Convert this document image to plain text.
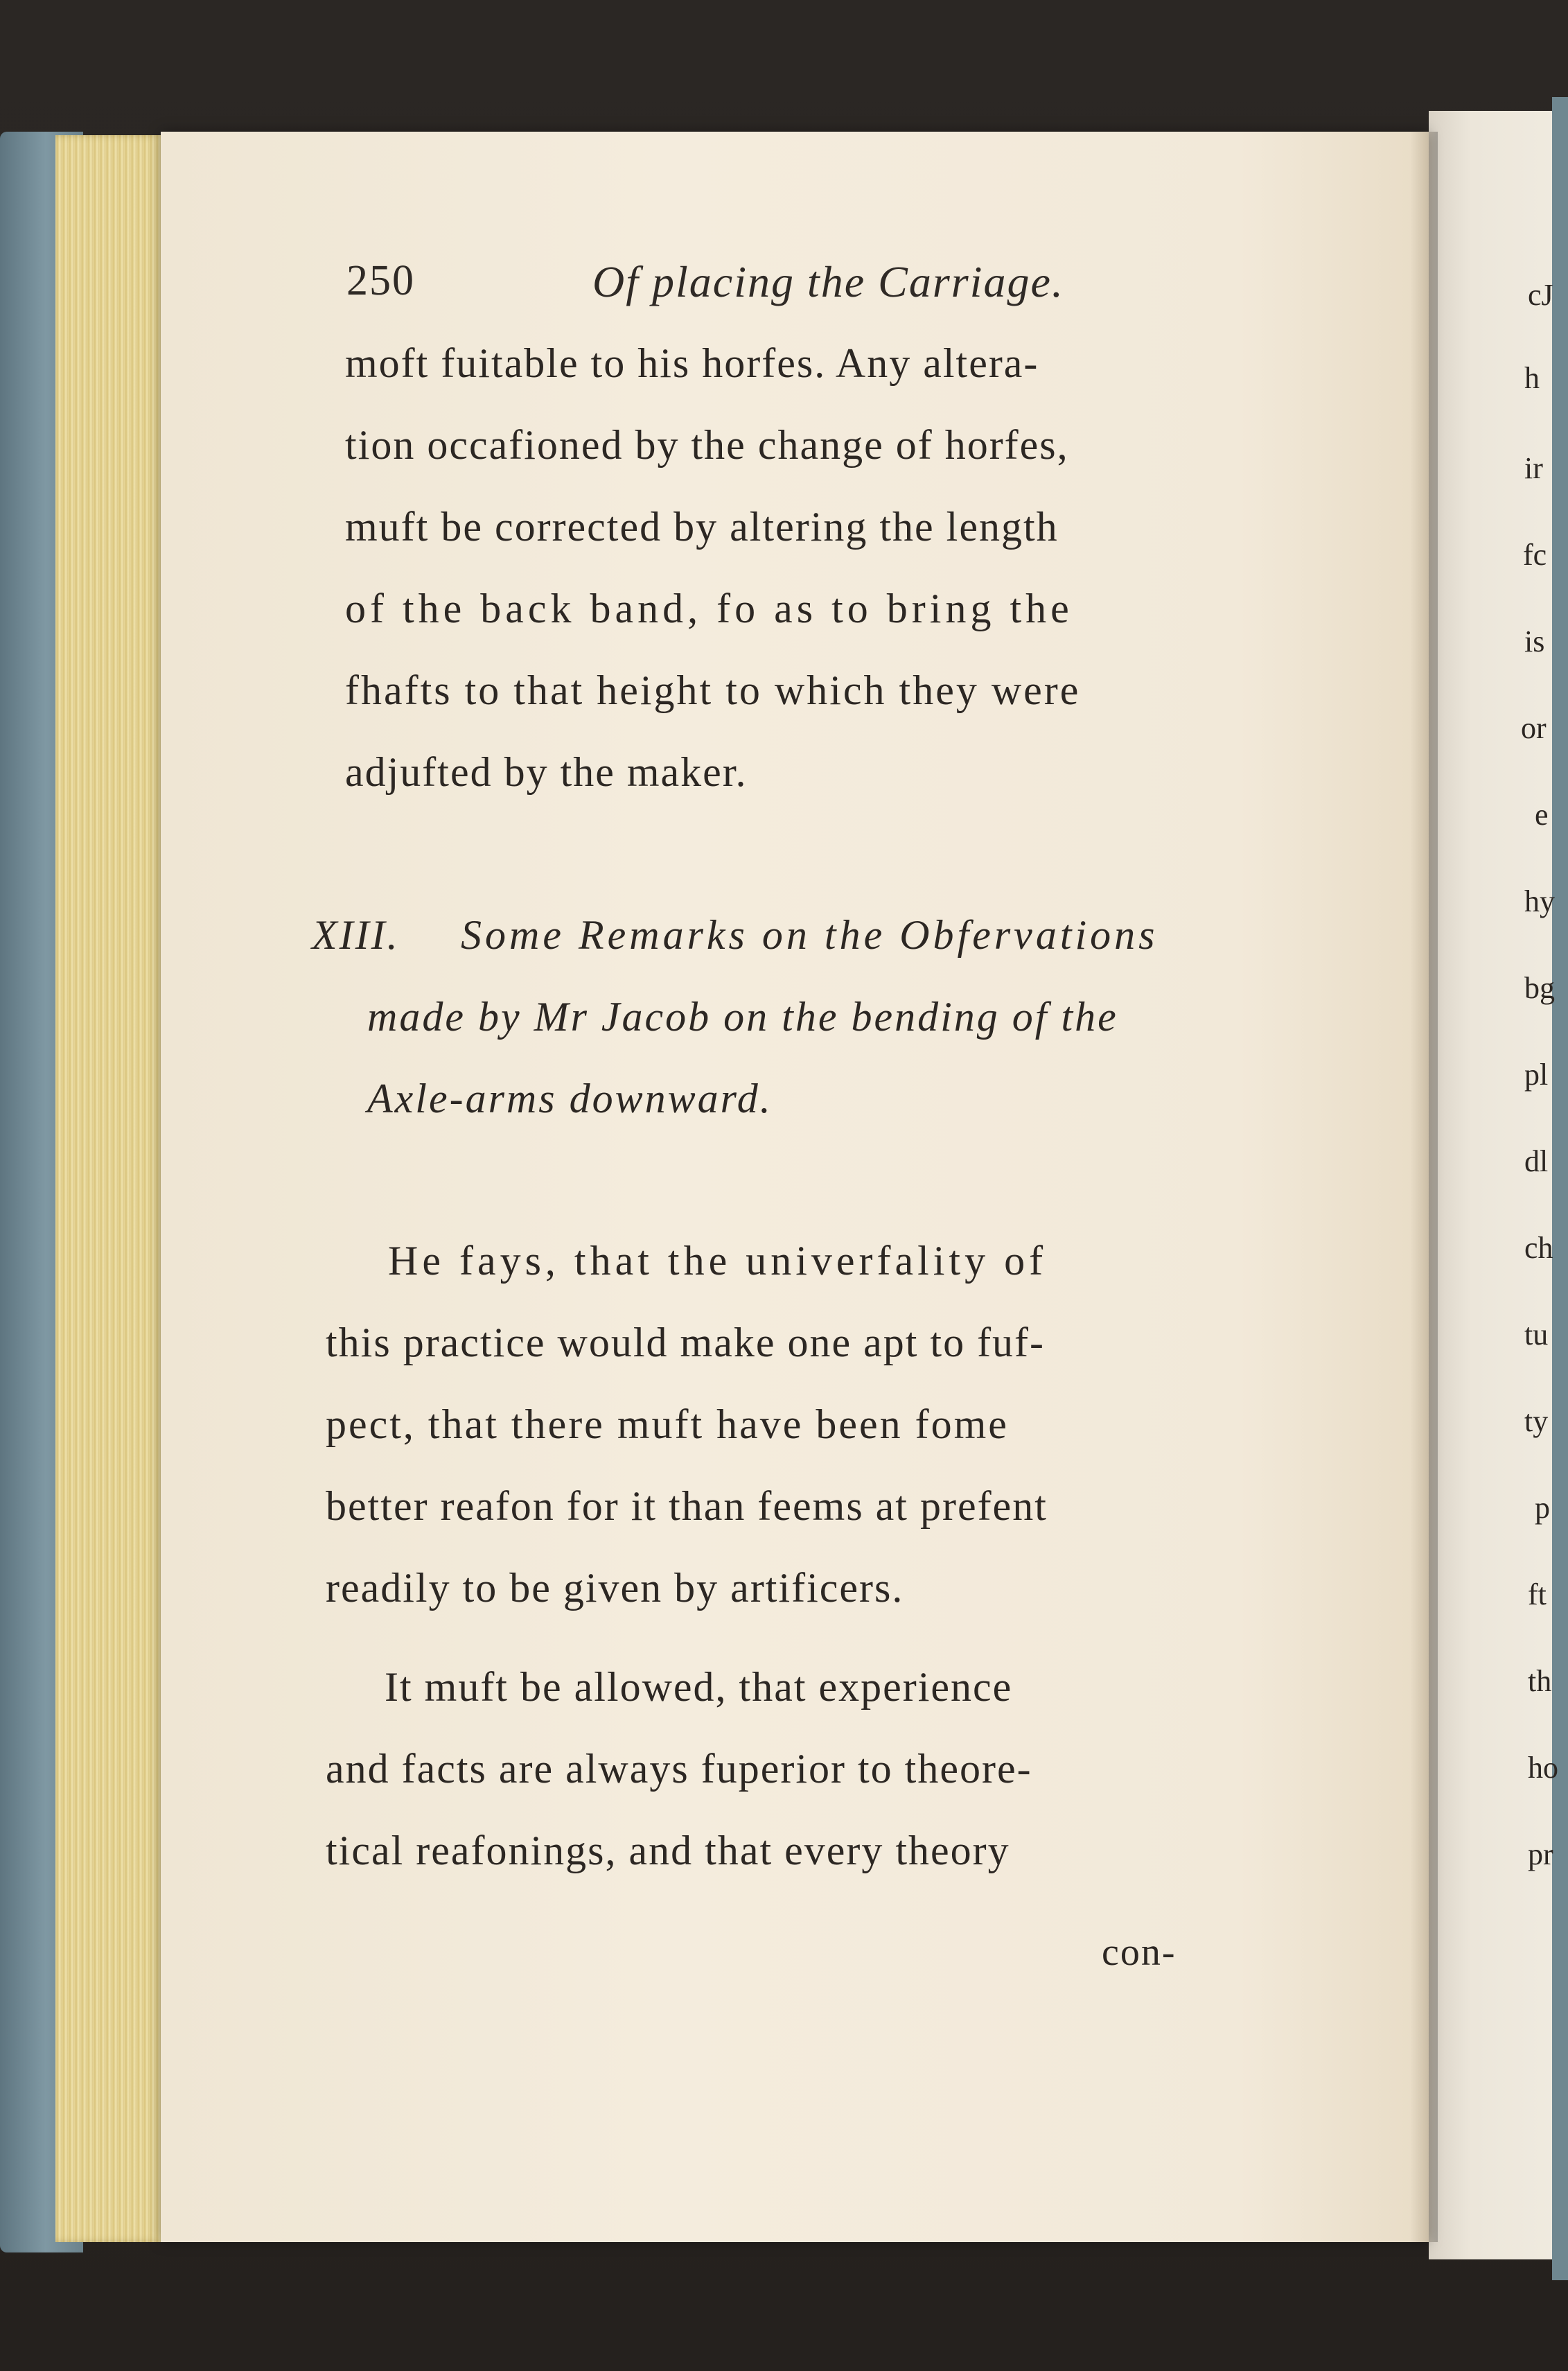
250	Of placing the Carriage.
moft fuitable to his horfes. Any altera-
tion occafioned by the change of horfes,
muft be corrected by altering the length
of the back band, fo as to bring the
fhafts to that height to which they were
adjufted by the maker.
XIII. Some Remarks on the Obfervations
made by Mr Jacob on the bending of the
Axle-arms downward.
He fays, that the univerfality of
this practice would make one apt to fuf-
pect, that there muft have been fome
better reafon for it than feems at prefent
readily to be given by artificers.
It muft be allowed, that experience
and facts are always fuperior to theore-
tical reafonings, and that every theory
con-
cJ
h
ir
fc
is
or
e
hy
bg
pl
dl
ch
tu
ty
p
ft
th
ho
pr
